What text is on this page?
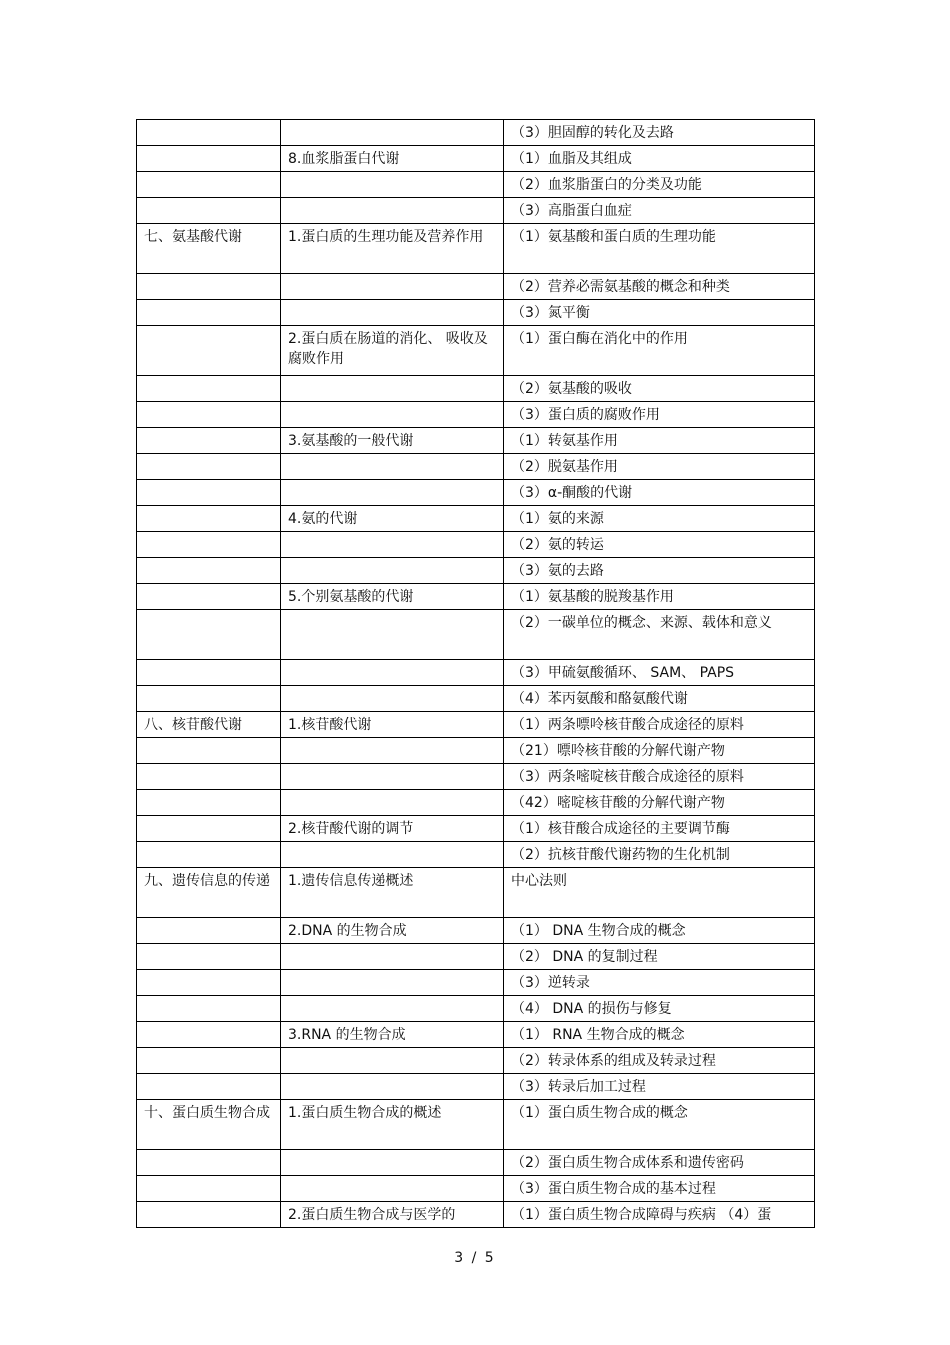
		（3）胆固醇的转化及去路
	8.血浆脂蛋白代谢	（1）血脂及其组成
		（2）血浆脂蛋白的分类及功能
		（3）高脂蛋白血症
七、氨基酸代谢	1.蛋白质的生理功能及营养作用	（1）氨基酸和蛋白质的生理功能
		（2）营养必需氨基酸的概念和种类
		（3）氮平衡
	2.蛋白质在肠道的消化、 吸收及腐败作用	（1）蛋白酶在消化中的作用
		（2）氨基酸的吸收
		（3）蛋白质的腐败作用
	3.氨基酸的一般代谢	（1）转氨基作用
		（2）脱氨基作用
		（3）α-酮酸的代谢
	4.氨的代谢	（1）氨的来源
		（2）氨的转运
		（3）氨的去路
	5.个别氨基酸的代谢	（1）氨基酸的脱羧基作用
		（2）一碳单位的概念、来源、载体和意义
		（3）甲硫氨酸循环、 SAM、 PAPS
		（4）苯丙氨酸和酪氨酸代谢
八、核苷酸代谢	1.核苷酸代谢	（1）两条嘌呤核苷酸合成途径的原料
		（21）嘌呤核苷酸的分解代谢产物
		（3）两条嘧啶核苷酸合成途径的原料
		（42）嘧啶核苷酸的分解代谢产物
	2.核苷酸代谢的调节	（1）核苷酸合成途径的主要调节酶
		（2）抗核苷酸代谢药物的生化机制
九、遗传信息的传递	1.遗传信息传递概述	中心法则
	2.DNA 的生物合成	（1） DNA 生物合成的概念
		（2） DNA 的复制过程
		（3）逆转录
		（4） DNA 的损伤与修复
	3.RNA 的生物合成	（1） RNA 生物合成的概念
		（2）转录体系的组成及转录过程
		（3）转录后加工过程
十、蛋白质生物合成	1.蛋白质生物合成的概述	（1）蛋白质生物合成的概念
		（2）蛋白质生物合成体系和遗传密码
		（3）蛋白质生物合成的基本过程
	2.蛋白质生物合成与医学的	（1）蛋白质生物合成障碍与疾病 （4）蛋
3 / 5
